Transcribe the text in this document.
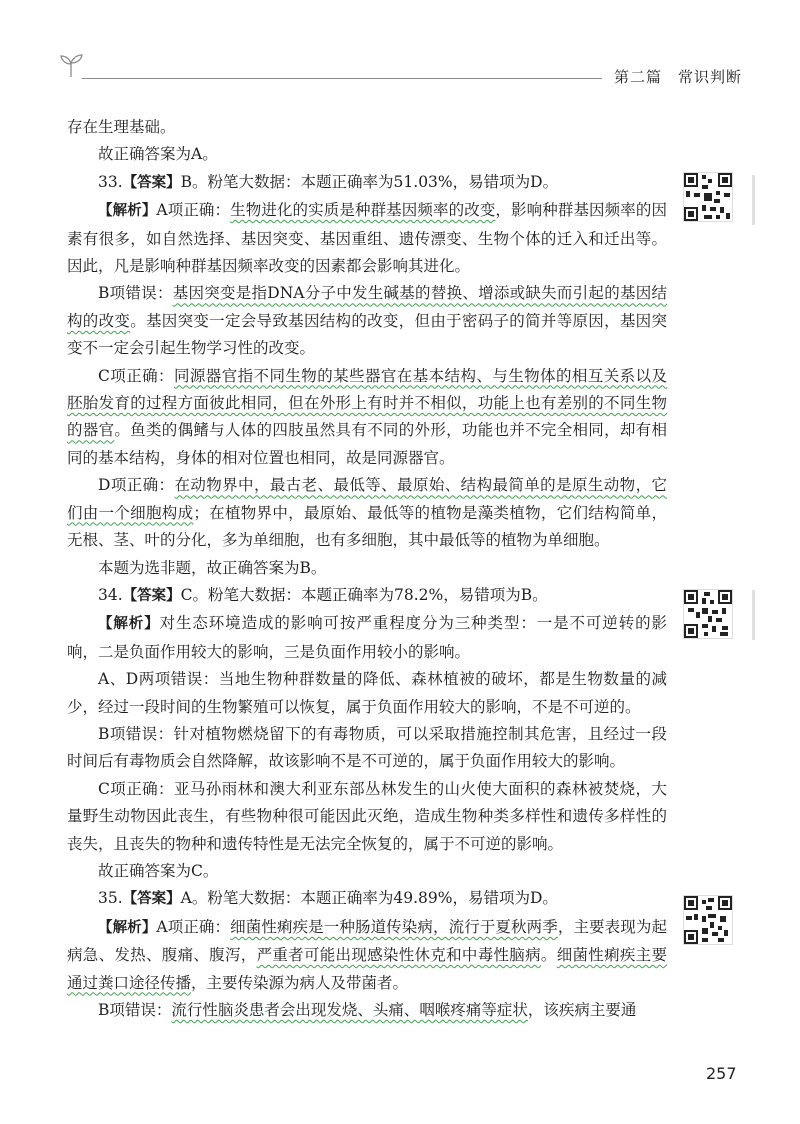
第二篇　常识判断

存在生理基础。

故正确答案为A。

33.【答案】B。粉笔大数据：本题正确率为51.03%，易错项为D。

【解析】A项正确：生物进化的实质是种群基因频率的改变，影响种群基因频率的因素有很多，如自然选择、基因突变、基因重组、遗传漂变、生物个体的迁入和迁出等。因此，凡是影响种群基因频率改变的因素都会影响其进化。

B项错误：基因突变是指DNA分子中发生碱基的替换、增添或缺失而引起的基因结构的改变。基因突变一定会导致基因结构的改变，但由于密码子的简并等原因，基因突变不一定会引起生物学习性的改变。

C项正确：同源器官指不同生物的某些器官在基本结构、与生物体的相互关系以及胚胎发育的过程方面彼此相同，但在外形上有时并不相似，功能上也有差别的不同生物的器官。鱼类的偶鳍与人体的四肢虽然具有不同的外形，功能也并不完全相同，却有相同的基本结构，身体的相对位置也相同，故是同源器官。

D项正确：在动物界中，最古老、最低等、最原始、结构最简单的是原生动物，它们由一个细胞构成；在植物界中，最原始、最低等的植物是藻类植物，它们结构简单，无根、茎、叶的分化，多为单细胞，也有多细胞，其中最低等的植物为单细胞。

本题为选非题，故正确答案为B。

34.【答案】C。粉笔大数据：本题正确率为78.2%，易错项为B。

【解析】对生态环境造成的影响可按严重程度分为三种类型：一是不可逆转的影响，二是负面作用较大的影响，三是负面作用较小的影响。

A、D两项错误：当地生物种群数量的降低、森林植被的破坏，都是生物数量的减少，经过一段时间的生物繁殖可以恢复，属于负面作用较大的影响，不是不可逆的。

B项错误：针对植物燃烧留下的有毒物质，可以采取措施控制其危害，且经过一段时间后有毒物质会自然降解，故该影响不是不可逆的，属于负面作用较大的影响。

C项正确：亚马孙雨林和澳大利亚东部丛林发生的山火使大面积的森林被焚烧，大量野生动物因此丧生，有些物种很可能因此灭绝，造成生物种类多样性和遗传多样性的丧失，且丧失的物种和遗传特性是无法完全恢复的，属于不可逆的影响。

故正确答案为C。

35.【答案】A。粉笔大数据：本题正确率为49.89%，易错项为D。

【解析】A项正确：细菌性痢疾是一种肠道传染病，流行于夏秋两季，主要表现为起病急、发热、腹痛、腹泻，严重者可能出现感染性休克和中毒性脑病。细菌性痢疾主要通过粪口途径传播，主要传染源为病人及带菌者。

B项错误：流行性脑炎患者会出现发烧、头痛、咽喉疼痛等症状，该疾病主要通

257
